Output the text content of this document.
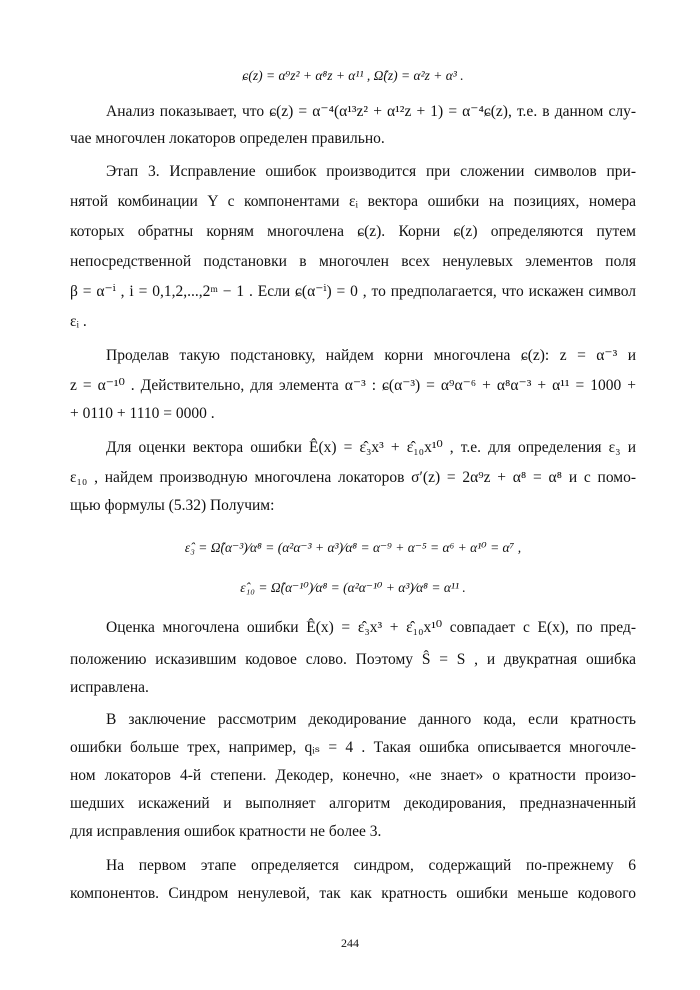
ɕ(z) = α⁹z² + α⁸z + α¹¹ , Ω̂(z) = α²z + α³ .
Анализ показывает, что ɕ(z) = α⁻⁴(α¹³z² + α¹²z + 1) = α⁻⁴ɕ(z), т.е. в данном слу-
чае многочлен локаторов определен правильно.
Этап 3. Исправление ошибок производится при сложении символов при-
нятой комбинации Y с компонентами εᵢ вектора ошибки на позициях, номера
которых обратны корням многочлена ɕ(z). Корни ɕ(z) определяются путем
непосредственной подстановки в многочлен всех ненулевых элементов поля
β = α⁻ⁱ , i = 0,1,2,...,2ᵐ − 1 . Если ɕ(α⁻ⁱ) = 0 , то предполагается, что искажен символ
εᵢ .
Проделав такую подстановку, найдем корни многочлена ɕ(z): z = α⁻³ и
z = α⁻¹⁰ . Действительно, для элемента α⁻³ : ɕ(α⁻³) = α⁹α⁻⁶ + α⁸α⁻³ + α¹¹ = 1000 +
+ 0110 + 1110 = 0000 .
Для оценки вектора ошибки Ê(x) = ɛ̂₃x³ + ɛ̂₁₀x¹⁰ , т.е. для определения ε₃ и
ε₁₀ , найдем производную многочлена локаторов σ′(z) = 2α⁹z + α⁸ = α⁸ и с помо-
щью формулы (5.32) Получим:
ɛ̂₃ = Ω̂(α⁻³)⁄α⁸ = (α²α⁻³ + α³)⁄α⁸ = α⁻⁹ + α⁻⁵ = α⁶ + α¹⁰ = α⁷ ,
ɛ̂₁₀ = Ω̂(α⁻¹⁰)⁄α⁸ = (α²α⁻¹⁰ + α³)⁄α⁸ = α¹¹ .
Оценка многочлена ошибки Ê(x) = ɛ̂₃x³ + ɛ̂₁₀x¹⁰ совпадает с E(x), по пред-
положению исказившим кодовое слово. Поэтому Ŝ = S , и двукратная ошибка
исправлена.
В заключение рассмотрим декодирование данного кода, если кратность
ошибки больше трех, например, qᵢₛ = 4 . Такая ошибка описывается многочле-
ном локаторов 4-й степени. Декодер, конечно, «не знает» о кратности произо-
шедших искажений и выполняет алгоритм декодирования, предназначенный
для исправления ошибок кратности не более 3.
На первом этапе определяется синдром, содержащий по-прежнему 6
компонентов. Синдром ненулевой, так как кратность ошибки меньше кодового
244
